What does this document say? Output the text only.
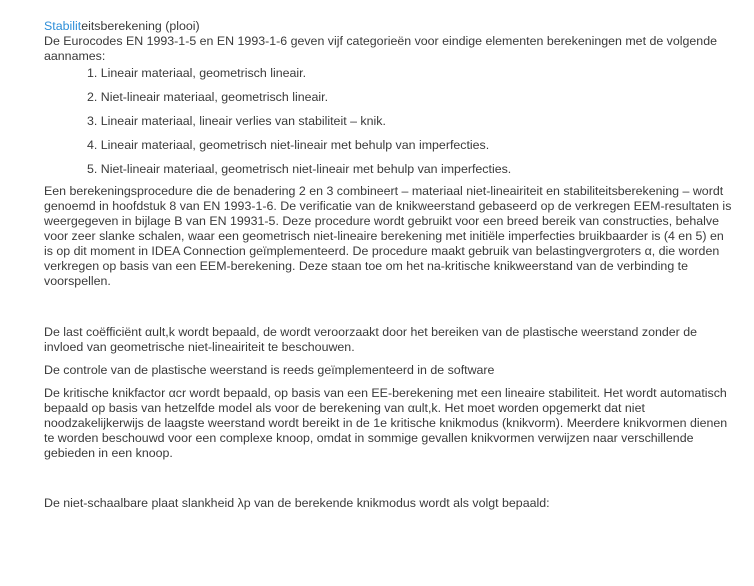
Stabiliteitsberekening (plooi)

De Eurocodes EN 1993-1-5 en EN 1993-1-6 geven vijf categorieën voor eindige elementen berekeningen met de volgende aannames:

1. Lineair materiaal, geometrisch lineair.
2. Niet-lineair materiaal, geometrisch lineair.
3. Lineair materiaal, lineair verlies van stabiliteit – knik.
4. Lineair materiaal, geometrisch niet-lineair met behulp van imperfecties.
5. Niet-lineair materiaal, geometrisch niet-lineair met behulp van imperfecties.

Een berekeningsprocedure die de benadering 2 en 3 combineert – materiaal niet-lineairiteit en stabiliteitsberekening – wordt genoemd in hoofdstuk 8 van EN 1993-1-6. De verificatie van de knikweerstand gebaseerd op de verkregen EEM-resultaten is weergegeven in bijlage B van EN 19931-5. Deze procedure wordt gebruikt voor een breed bereik van constructies, behalve voor zeer slanke schalen, waar een geometrisch niet-lineaire berekening met initiële imperfecties bruikbaarder is (4 en 5) en is op dit moment in IDEA Connection geïmplementeerd. De procedure maakt gebruik van belastingvergroters α, die worden verkregen op basis van een EEM-berekening. Deze staan toe om het na-kritische knikweerstand van de verbinding te voorspellen.

De last coëfficiënt αult,k wordt bepaald, de wordt veroorzaakt door het bereiken van de plastische weerstand zonder de invloed van geometrische niet-lineairiteit te beschouwen.

De controle van de plastische weerstand is reeds geïmplementeerd in de software

De kritische knikfactor αcr wordt bepaald, op basis van een EE-berekening met een lineaire stabiliteit. Het wordt automatisch bepaald op basis van hetzelfde model als voor de berekening van αult,k. Het moet worden opgemerkt dat niet noodzakelijkerwijs de laagste weerstand wordt bereikt in de 1e kritische knikmodus (knikvorm). Meerdere knikvormen dienen te worden beschouwd voor een complexe knoop, omdat in sommige gevallen knikvormen verwijzen naar verschillende gebieden in een knoop.

De niet-schaalbare plaat slankheid λp van de berekende knikmodus wordt als volgt bepaald:
